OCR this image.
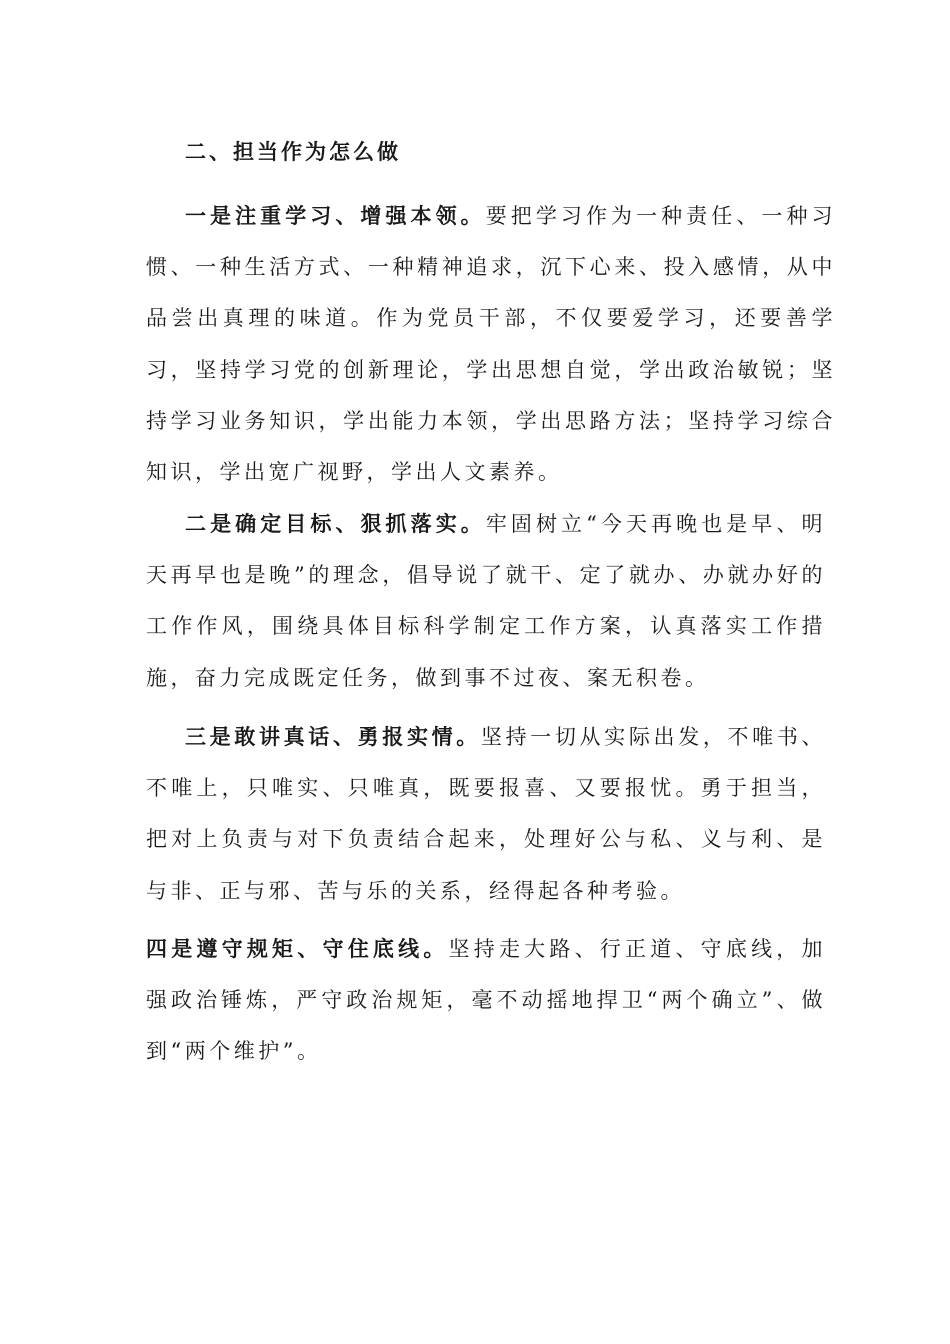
二、担当作为怎么做

一是注重学习、增强本领。要把学习作为一种责任、一种习惯、一种生活方式、一种精神追求，沉下心来、投入感情，从中品尝出真理的味道。作为党员干部，不仅要爱学习，还要善学习，坚持学习党的创新理论，学出思想自觉，学出政治敏锐；坚持学习业务知识，学出能力本领，学出思路方法；坚持学习综合知识，学出宽广视野，学出人文素养。

二是确定目标、狠抓落实。牢固树立“今天再晚也是早、明天再早也是晚”的理念，倡导说了就干、定了就办、办就办好的工作作风，围绕具体目标科学制定工作方案，认真落实工作措施，奋力完成既定任务，做到事不过夜、案无积卷。

三是敢讲真话、勇报实情。坚持一切从实际出发，不唯书、不唯上，只唯实、只唯真，既要报喜、又要报忧。勇于担当，把对上负责与对下负责结合起来，处理好公与私、义与利、是与非、正与邪、苦与乐的关系，经得起各种考验。

四是遵守规矩、守住底线。坚持走大路、行正道、守底线，加强政治锤炼，严守政治规矩，毫不动摇地捍卫“两个确立”、做到“两个维护”。
